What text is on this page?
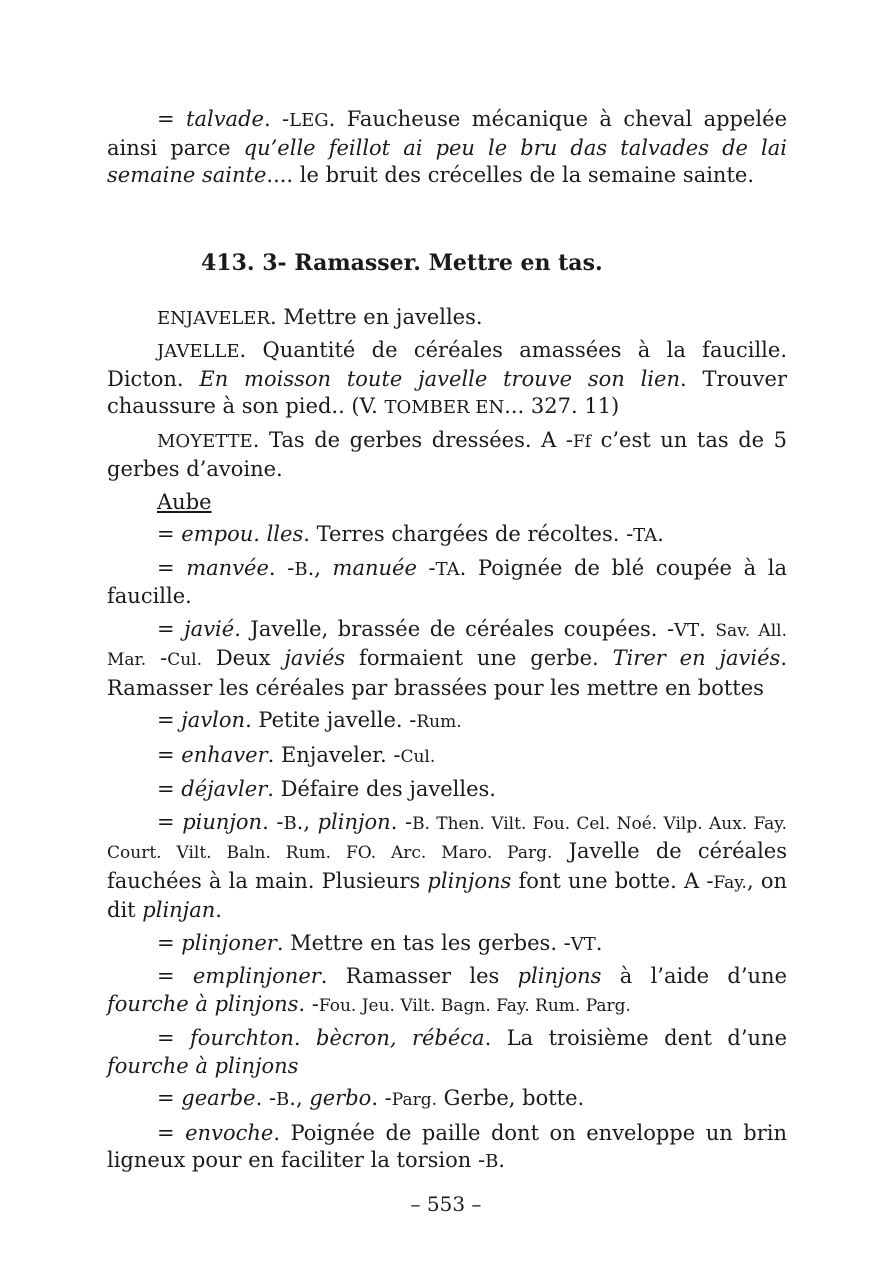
= talvade. -LEG. Faucheuse mécanique à cheval appelée ainsi parce qu’elle feillot ai peu le bru das talvades de lai semaine sainte.... le bruit des crécelles de la semaine sainte.

413. 3- Ramasser. Mettre en tas.

ENJAVELER. Mettre en javelles.

JAVELLE. Quantité de céréales amassées à la faucille. Dicton. En moisson toute javelle trouve son lien. Trouver chaussure à son pied.. (V. TOMBER EN... 327. 11)

MOYETTE. Tas de gerbes dressées. A -Ff c’est un tas de 5 gerbes d’avoine.

Aube

= empou. lles. Terres chargées de récoltes. -TA.

= manvée. -B., manuée -TA. Poignée de blé coupée à la faucille.

= javié. Javelle, brassée de céréales coupées. -VT. Sav. All. Mar. -Cul. Deux javiés formaient une gerbe. Tirer en javiés. Ramasser les céréales par brassées pour les mettre en bottes

= javlon. Petite javelle. -Rum.

= enhaver. Enjaveler. -Cul.

= déjavler. Défaire des javelles.

= piunjon. -B., plinjon. -B. Then. Vilt. Fou. Cel. Noé. Vilp. Aux. Fay. Court. Vilt. Baln. Rum. FO. Arc. Maro. Parg. Javelle de céréales fauchées à la main. Plusieurs plinjons font une botte. A -Fay., on dit plinjan.

= plinjoner. Mettre en tas les gerbes. -VT.

= emplinjoner. Ramasser les plinjons à l’aide d’une fourche à plinjons. -Fou. Jeu. Vilt. Bagn. Fay. Rum. Parg.

= fourchton. bècron, rébéca. La troisième dent d’une fourche à plinjons

= gearbe. -B., gerbo. -Parg. Gerbe, botte.

= envoche. Poignée de paille dont on enveloppe un brin ligneux pour en faciliter la torsion -B.

– 553 –
